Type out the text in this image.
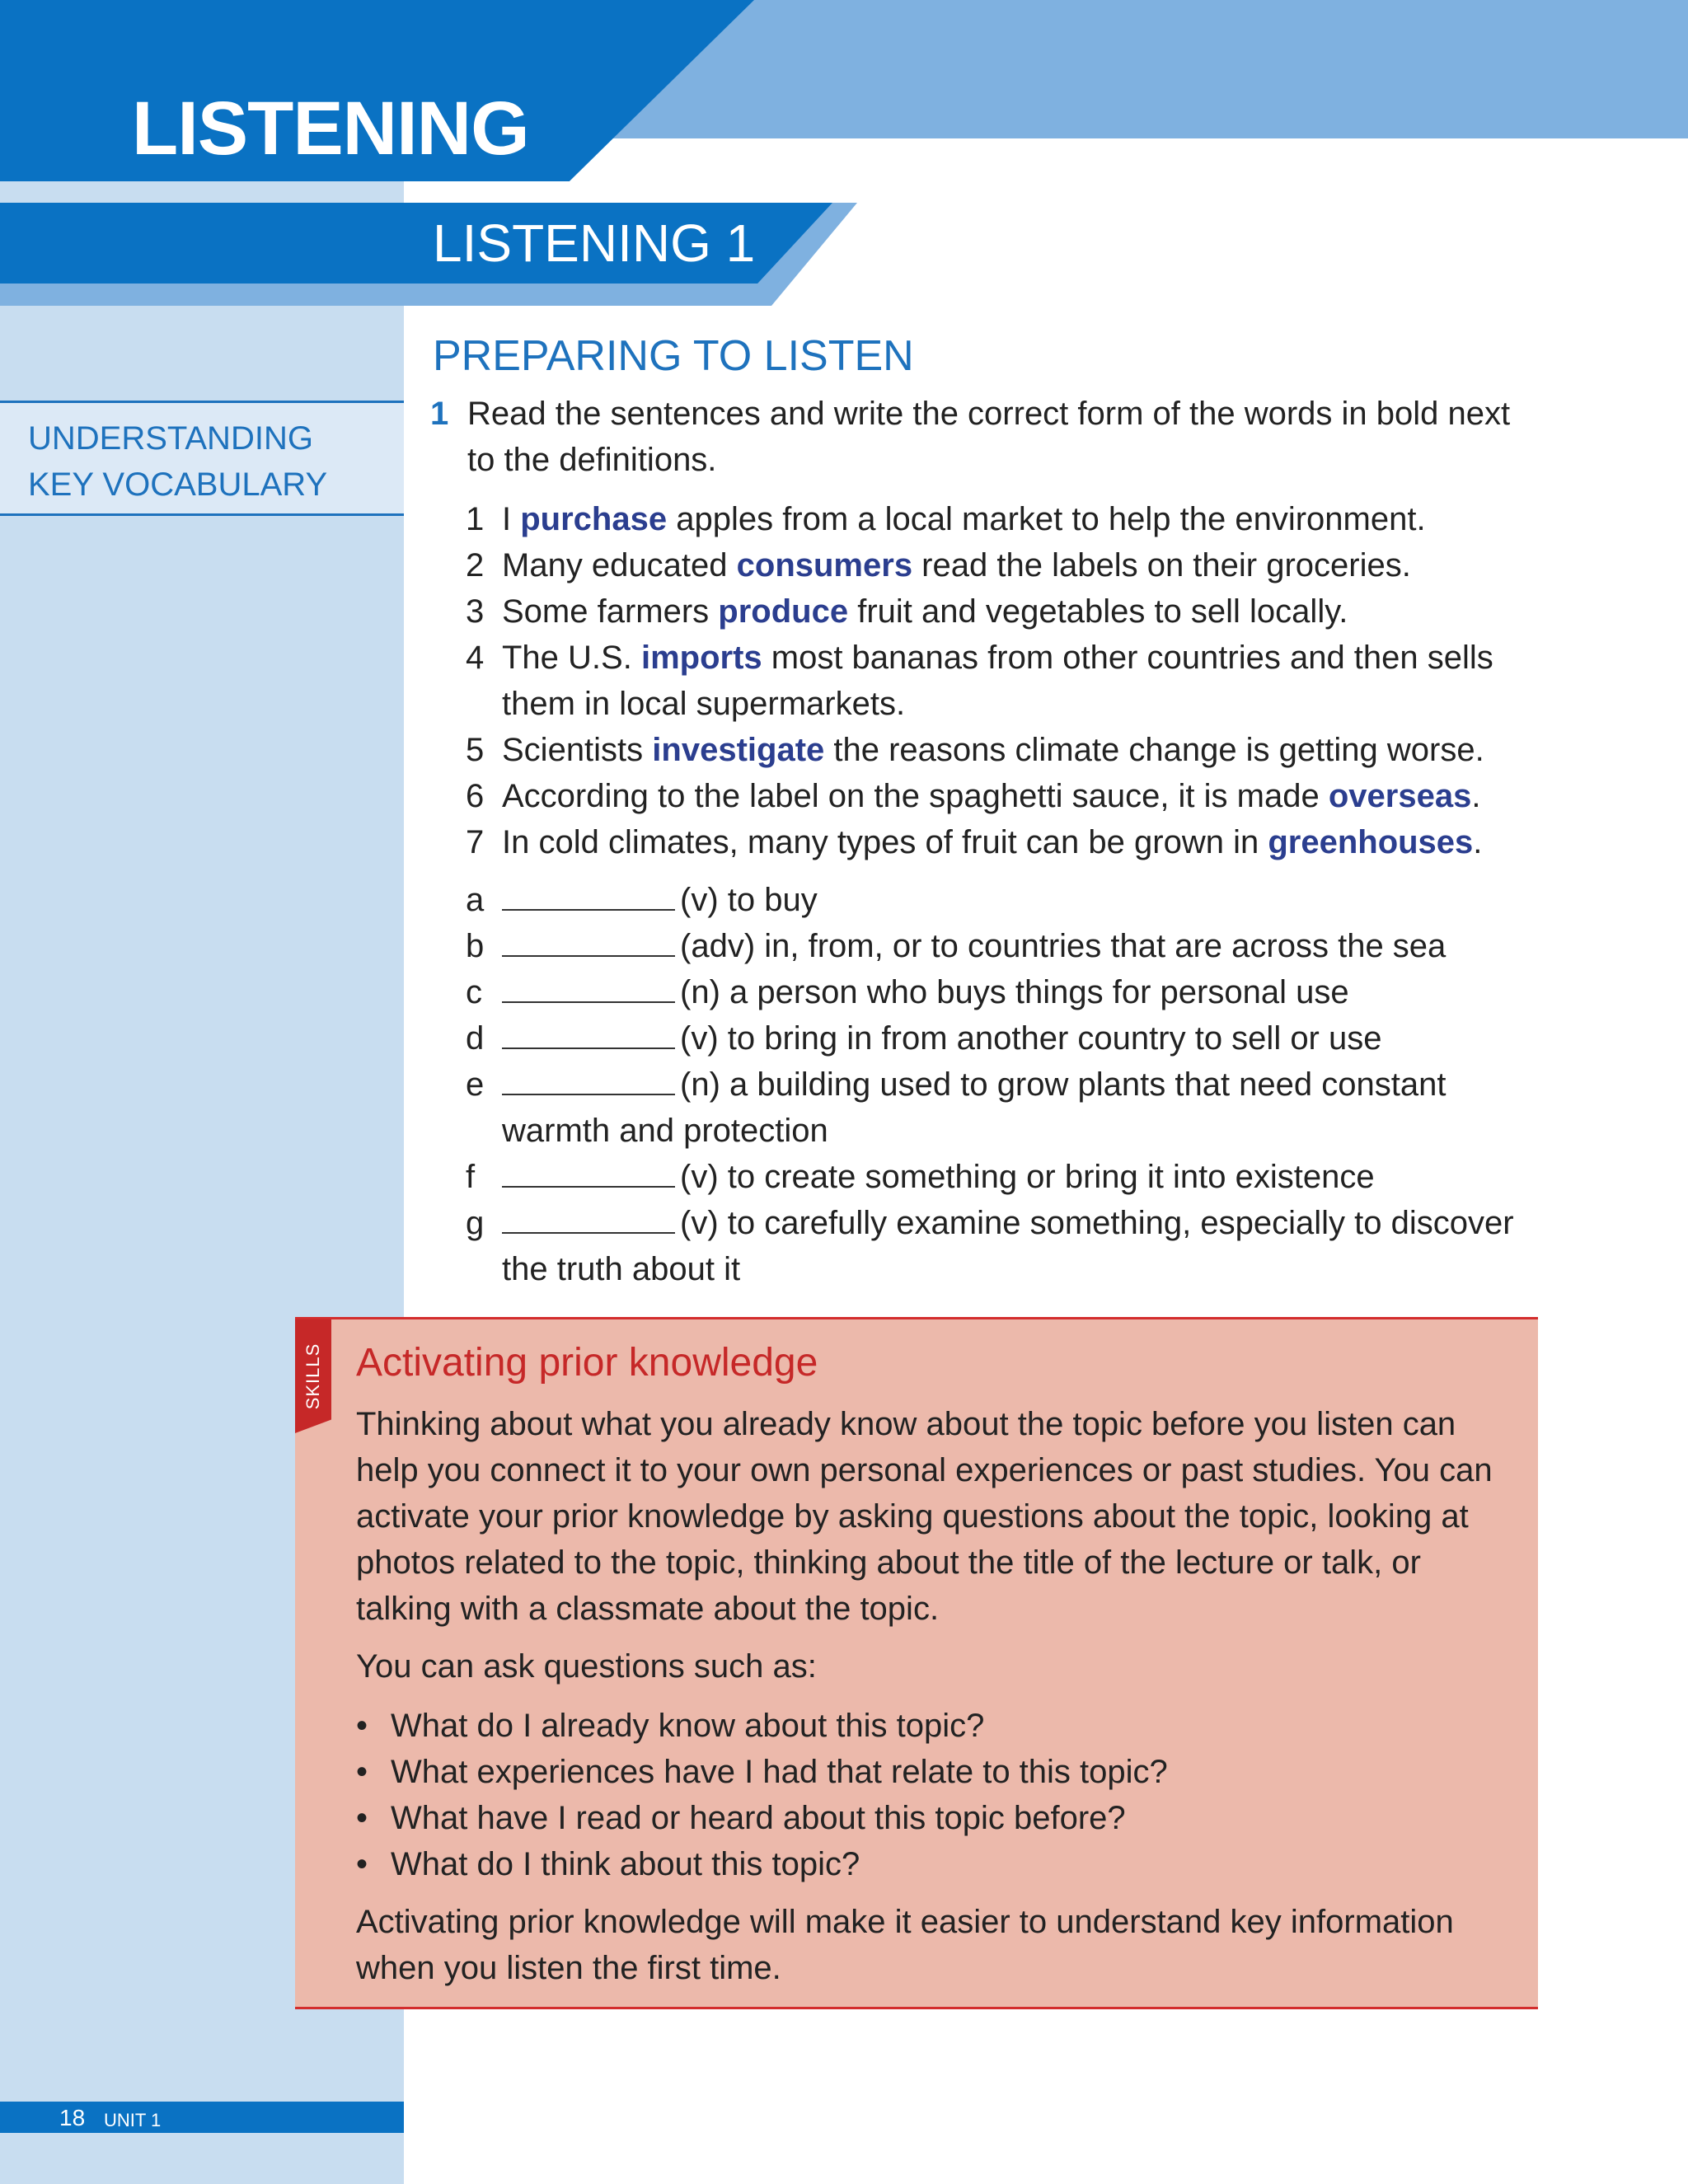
LISTENING
LISTENING 1
UNDERSTANDING
KEY VOCABULARY
PREPARING TO LISTEN
1 Read the sentences and write the correct form of the words in bold next
to the definitions.
1 I purchase apples from a local market to help the environment.
2 Many educated consumers read the labels on their groceries.
3 Some farmers produce fruit and vegetables to sell locally.
4 The U.S. imports most bananas from other countries and then sells
them in local supermarkets.
5 Scientists investigate the reasons climate change is getting worse.
6 According to the label on the spaghetti sauce, it is made overseas.
7 In cold climates, many types of fruit can be grown in greenhouses.
a	(v) to buy
b	(adv) in, from, or to countries that are across the sea
c	(n) a person who buys things for personal use
d	(v) to bring in from another country to sell or use
e	(n) a building used to grow plants that need constant
warmth and protection
f	(v) to create something or bring it into existence
g	(v) to carefully examine something, especially to discover
the truth about it
SKILLS Activating prior knowledge
Thinking about what you already know about the topic before you listen can
help you connect it to your own personal experiences or past studies. You can
activate your prior knowledge by asking questions about the topic, looking at
photos related to the topic, thinking about the title of the lecture or talk, or
talking with a classmate about the topic.
You can ask questions such as:
• What do I already know about this topic?
• What experiences have I had that relate to this topic?
• What have I read or heard about this topic before?
• What do I think about this topic?
Activating prior knowledge will make it easier to understand key information
when you listen the first time.
18 UNIT 1
